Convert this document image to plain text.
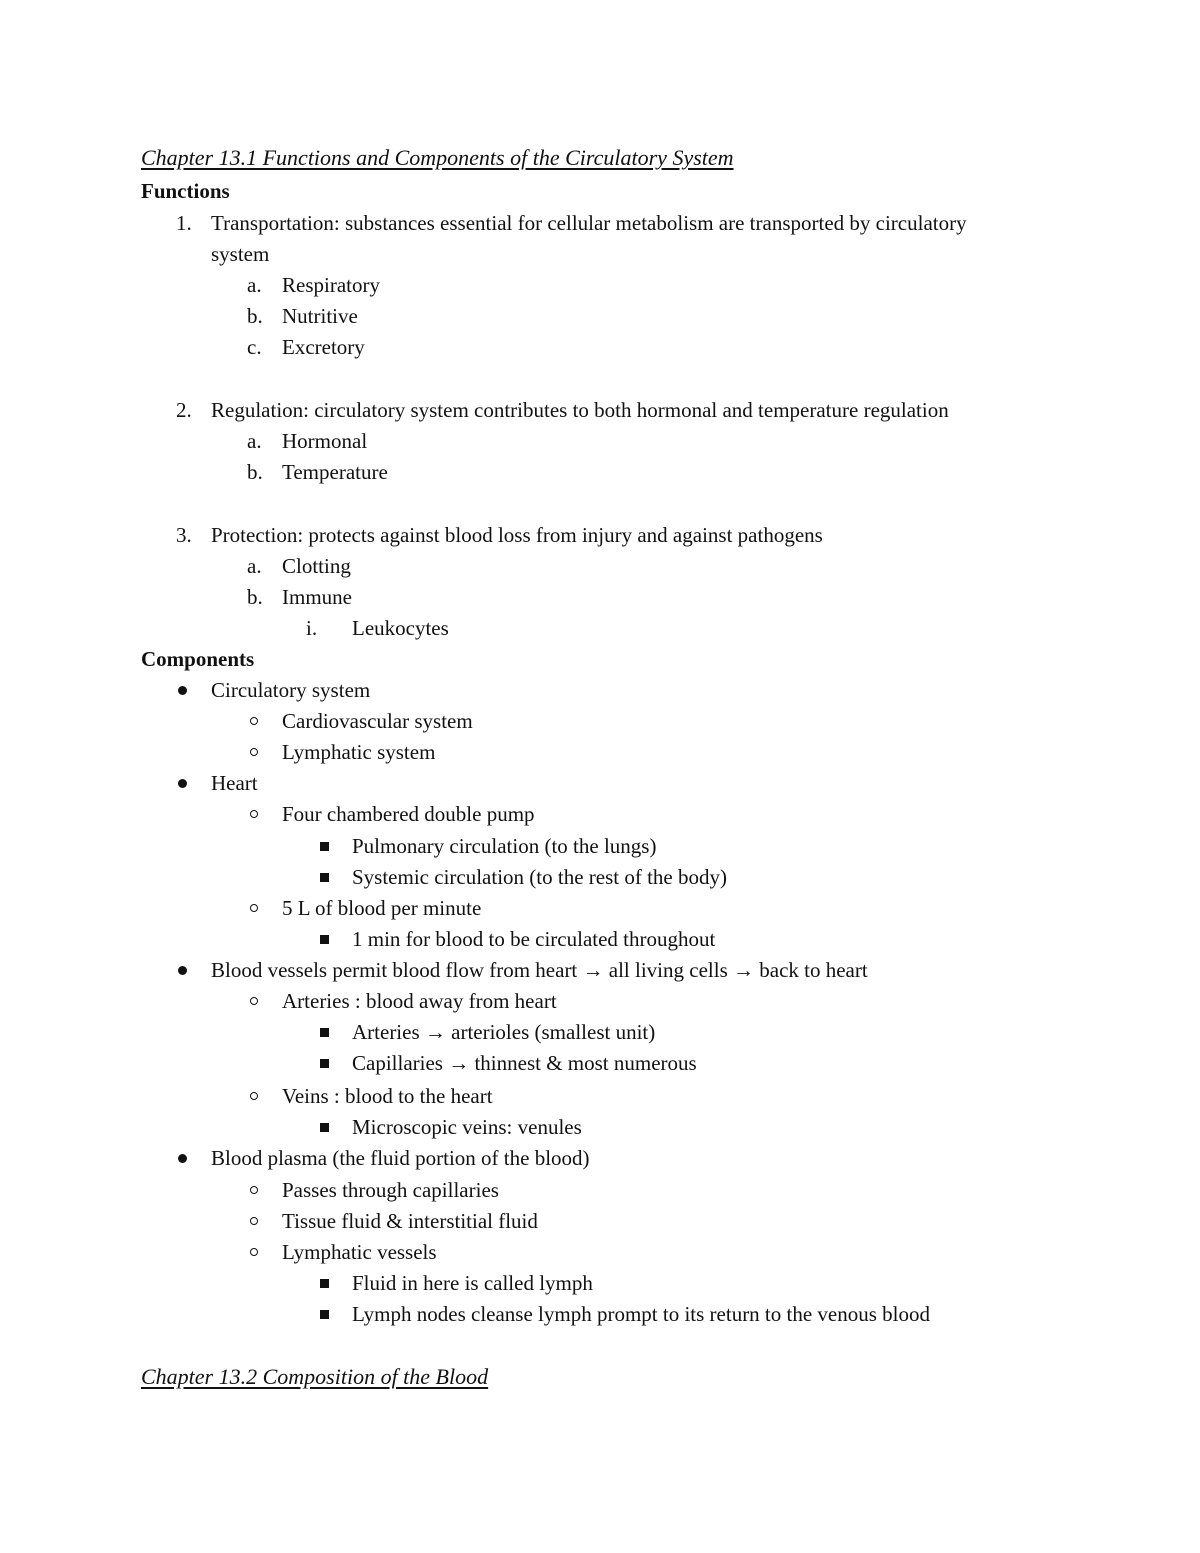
Chapter 13.1 Functions and Components of the Circulatory System
Functions
1. Transportation: substances essential for cellular metabolism are transported by circulatory
system
a. Respiratory
b. Nutritive
c. Excretory
2. Regulation: circulatory system contributes to both hormonal and temperature regulation
a. Hormonal
b. Temperature
3. Protection: protects against blood loss from injury and against pathogens
a. Clotting
b. Immune
i. Leukocytes
Components
Circulatory system
Cardiovascular system
Lymphatic system
Heart
Four chambered double pump
Pulmonary circulation (to the lungs)
Systemic circulation (to the rest of the body)
5 L of blood per minute
1 min for blood to be circulated throughout
Blood vessels permit blood flow from heart → all living cells → back to heart
Arteries : blood away from heart
Arteries → arterioles (smallest unit)
Capillaries → thinnest & most numerous
Veins : blood to the heart
Microscopic veins: venules
Blood plasma (the fluid portion of the blood)
Passes through capillaries
Tissue fluid & interstitial fluid
Lymphatic vessels
Fluid in here is called lymph
Lymph nodes cleanse lymph prompt to its return to the venous blood
Chapter 13.2 Composition of the Blood
